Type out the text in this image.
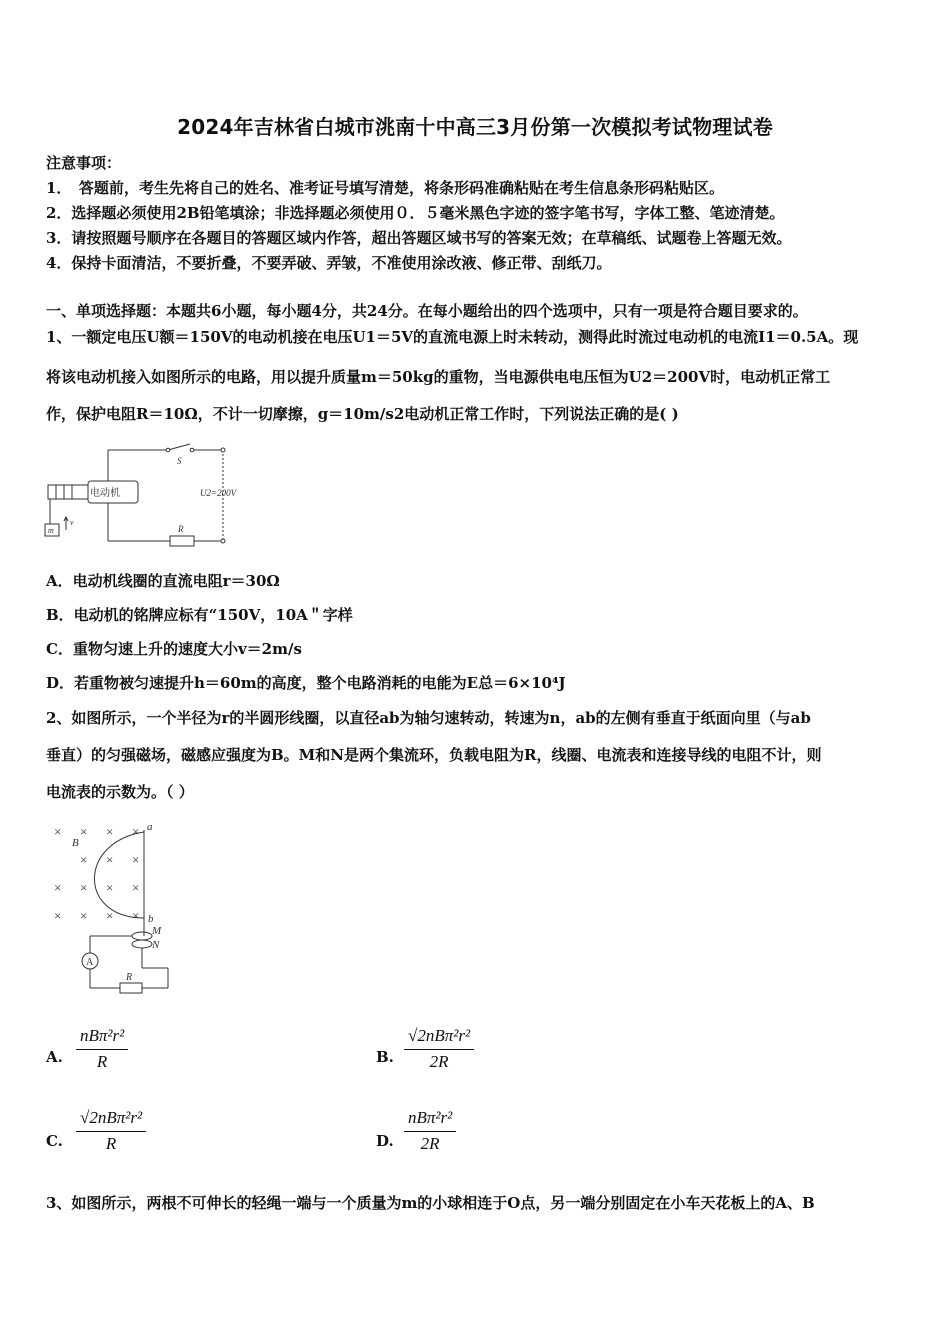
2024年吉林省白城市洮南十中高三3月份第一次模拟考试物理试卷
注意事项：
1．　答题前，考生先将自己的姓名、准考证号填写清楚，将条形码准确粘贴在考生信息条形码粘贴区。
2．选择题必须使用2B铅笔填涂；非选择题必须使用０．５毫米黑色字迹的签字笔书写，字体工整、笔迹清楚。
3．请按照题号顺序在各题目的答题区域内作答，超出答题区域书写的答案无效；在草稿纸、试题卷上答题无效。
4．保持卡面清洁，不要折叠，不要弄破、弄皱，不准使用涂改液、修正带、刮纸刀。
一、单项选择题：本题共6小题，每小题4分，共24分。在每小题给出的四个选项中，只有一项是符合题目要求的。
1、一额定电压U额＝150V的电动机接在电压U1＝5V的直流电源上时未转动，测得此时流过电动机的电流I1＝0.5A。现
将该电动机接入如图所示的电路，用以提升质量m＝50kg的重物，当电源供电电压恒为U2＝200V时，电动机正常工
作，保护电阻R＝10Ω，不计一切摩擦，g＝10m/s2电动机正常工作时，下列说法正确的是( )
电动机
S
U2=200V
R
m
v
A．电动机线圈的直流电阻r＝30Ω
B．电动机的铭牌应标有“150V，10A＂字样
C．重物匀速上升的速度大小v＝2m/s
D．若重物被匀速提升h＝60m的高度，整个电路消耗的电能为E总＝6×10⁴J
2、如图所示，一个半径为r的半圆形线圈，以直径ab为轴匀速转动，转速为n，ab的左侧有垂直于纸面向里（与ab
垂直）的匀强磁场，磁感应强度为B。M和N是两个集流环，负载电阻为R，线圈、电流表和连接导线的电阻不计，则
电流表的示数为。（ ）
× × × ×
× × ×
× × × ×
× × × ×
a
B
b
M
N
A
R
A.
nBπ²r²
R	B.
√2nBπ²r²
2R
C.
√2nBπ²r²
R	D.
nBπ²r²
2R
3、如图所示，两根不可伸长的轻绳一端与一个质量为m的小球相连于O点，另一端分别固定在小车天花板上的A、B
